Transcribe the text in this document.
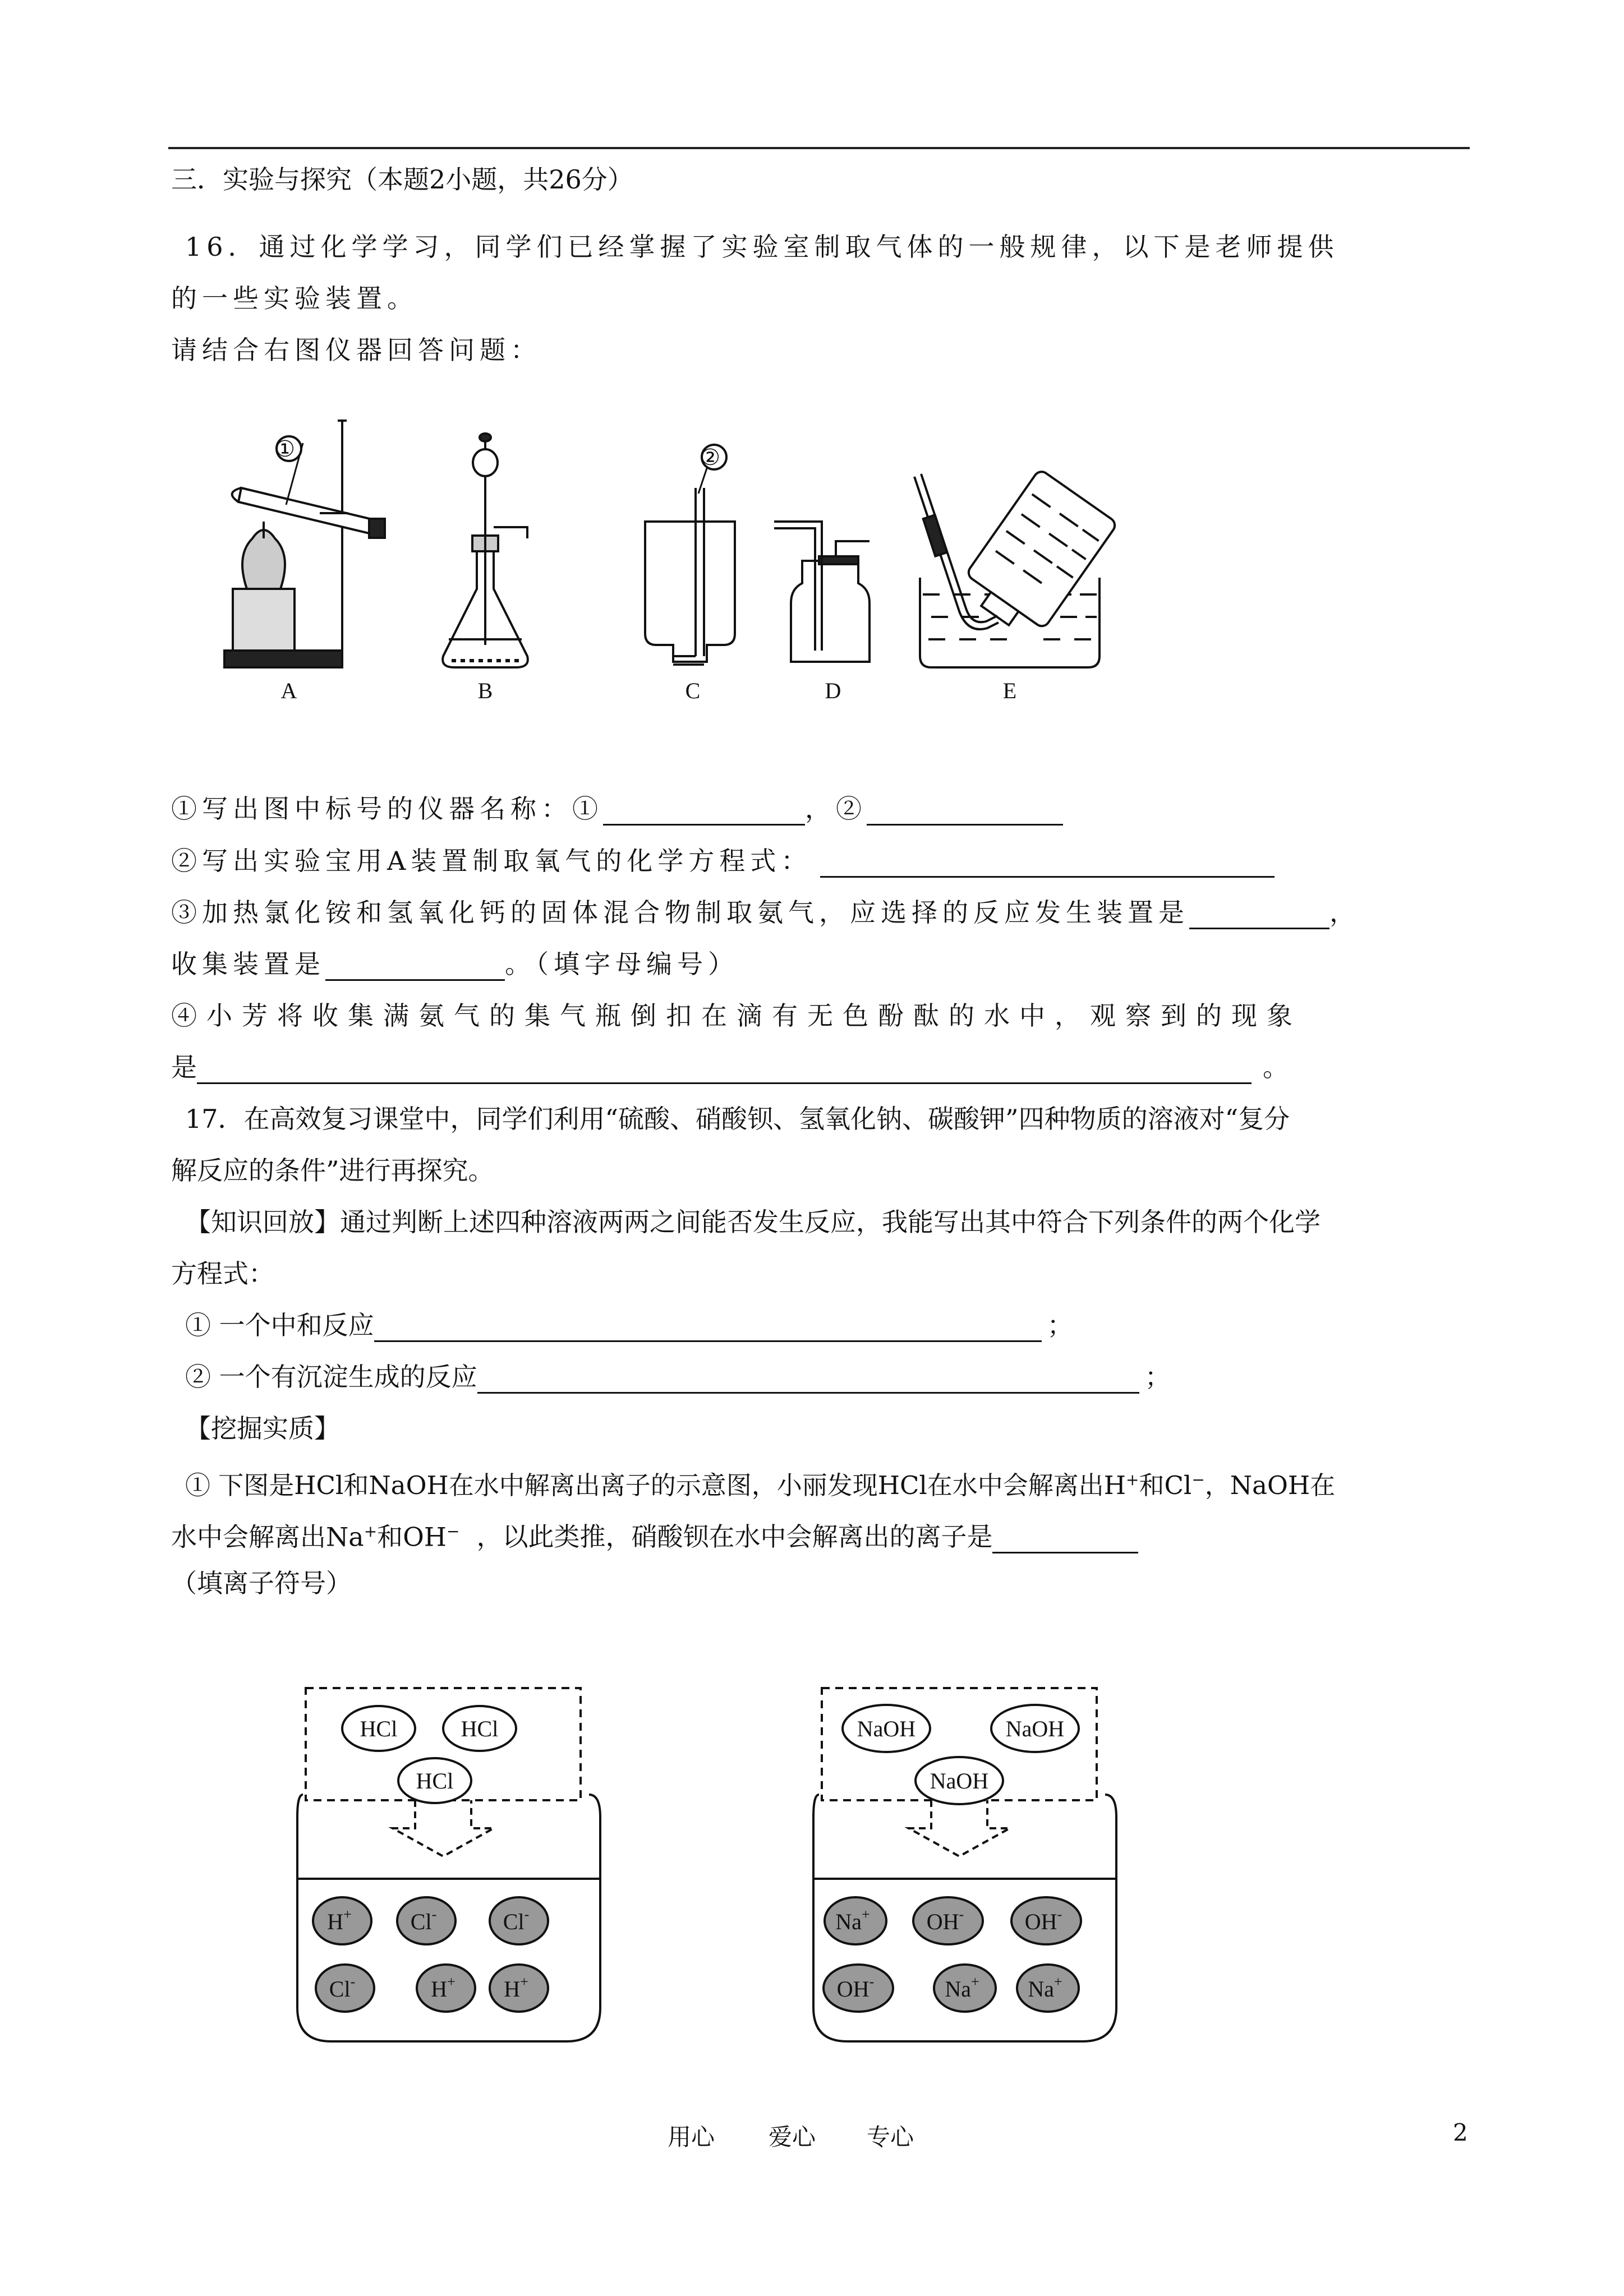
三．实验与探究（本题2小题，共26分）
16．通过化学学习，同学们已经掌握了实验室制取气体的一般规律，以下是老师提供
的一些实验装置。
请结合右图仪器回答问题：
①	②
A	B	C	D	E
①写出图中标号的仪器名称：①	，②
②写出实验宝用A装置制取氧气的化学方程式：
③加热氯化铵和氢氧化钙的固体混合物制取氨气，应选择的反应发生装置是	，
收集装置是	。（填字母编号）
④小芳将收集满氨气的集气瓶倒扣在滴有无色酚酞的水中，观察到的现象
是	。
17．在高效复习课堂中，同学们利用“硫酸、硝酸钡、氢氧化钠、碳酸钾”四种物质的溶液对“复分
解反应的条件”进行再探究。
【知识回放】通过判断上述四种溶液两两之间能否发生反应，我能写出其中符合下列条件的两个化学
方程式：
① 一个中和反应	；
② 一个有沉淀生成的反应	；
【挖掘实质】
① 下图是HCl和NaOH在水中解离出离子的示意图，小丽发现HCl在水中会解离出H+和Cl−，NaOH在
水中会解离出Na+和OH− ，以此类推，硝酸钡在水中会解离出的离子是
（填离子符号）
HCl	HCl
HCl
H+	Cl-	Cl-
Cl-	H+ H+
NaOH	NaOH
NaOH
Na+	OH-	OH-
OH-	Na+ Na+
用心 爱心 专心	2
